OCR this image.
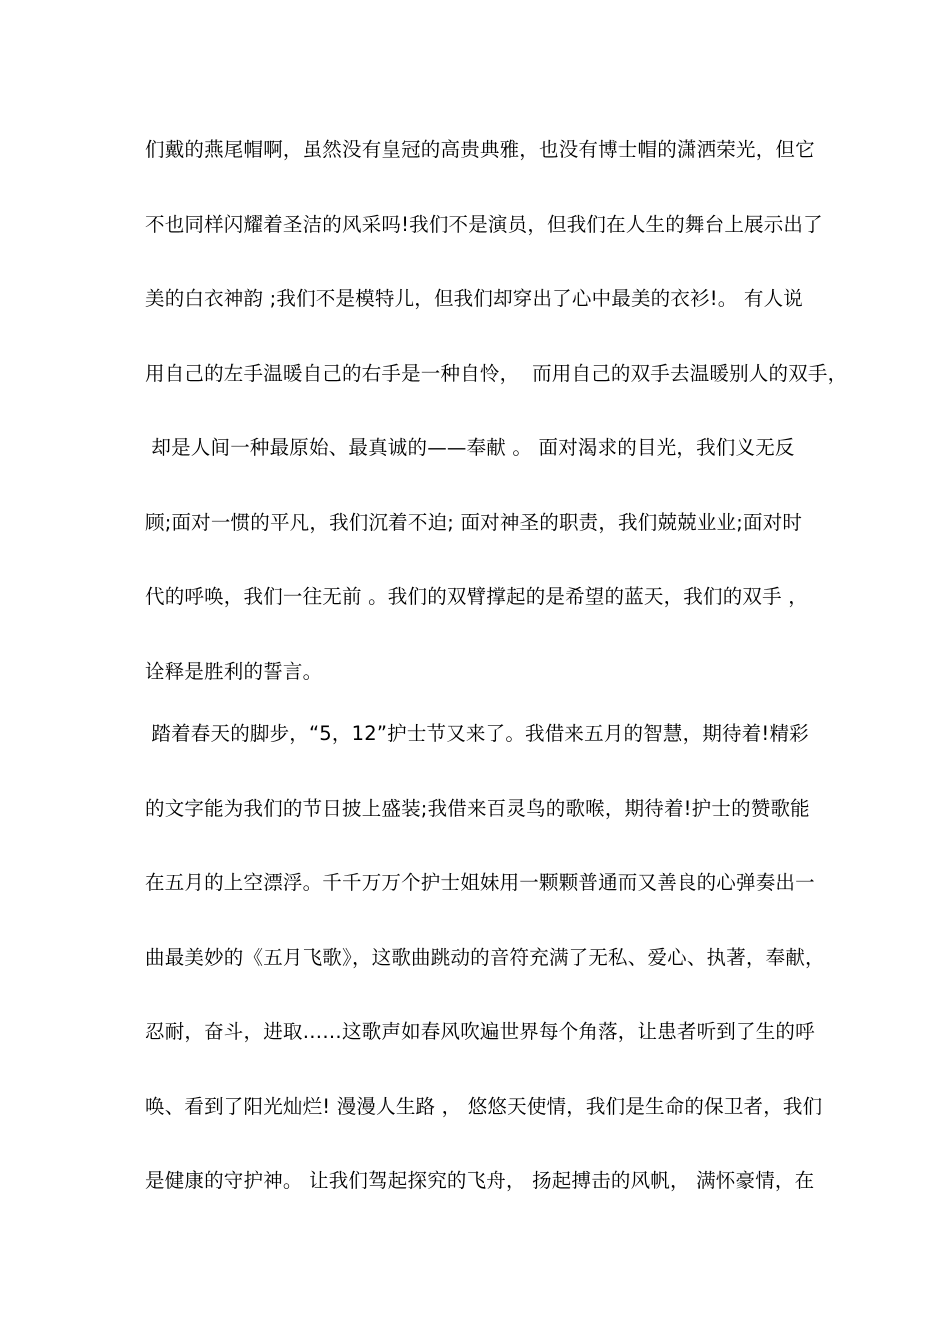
们戴的燕尾帽啊，虽然没有皇冠的高贵典雅，也没有博士帽的潇洒荣光，但它
不也同样闪耀着圣洁的风采吗!我们不是演员，但我们在人生的舞台上展示出了
美的白衣神韵 ;我们不是模特儿，但我们却穿出了心中最美的衣衫!。 有人说
用自己的左手温暖自己的右手是一种自怜，  而用自己的双手去温暖别人的双手，
却是人间一种最原始、最真诚的——奉献 。 面对渴求的目光，我们义无反
顾;面对一惯的平凡，我们沉着不迫; 面对神圣的职责，我们兢兢业业;面对时
代的呼唤，我们一往无前 。我们的双臂撑起的是希望的蓝天，我们的双手 ，
诠释是胜利的誓言。
踏着春天的脚步，“5，12”护士节又来了。我借来五月的智慧，期待着!精彩
的文字能为我们的节日披上盛装;我借来百灵鸟的歌喉，期待着!护士的赞歌能
在五月的上空漂浮。千千万万个护士姐妹用一颗颗普通而又善良的心弹奏出一
曲最美妙的《五月飞歌》，这歌曲跳动的音符充满了无私、爱心、执著，奉献，
忍耐，奋斗，进取……这歌声如春风吹遍世界每个角落，让患者听到了生的呼
唤、看到了阳光灿烂! 漫漫人生路 ， 悠悠天使情，我们是生命的保卫者，我们
是健康的守护神。 让我们驾起探究的飞舟， 扬起搏击的风帆， 满怀豪情，在
